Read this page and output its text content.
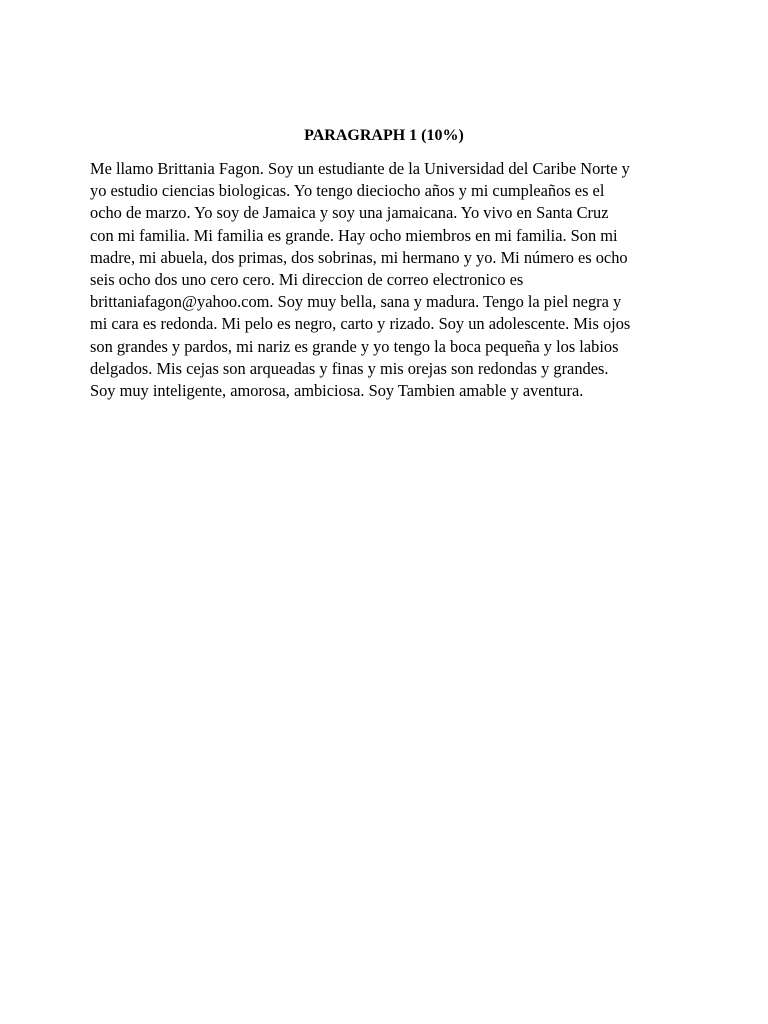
PARAGRAPH 1 (10%)

Me llamo Brittania Fagon. Soy un estudiante de la Universidad del Caribe Norte y
yo estudio ciencias biologicas. Yo tengo dieciocho años y mi cumpleaños es el
ocho de marzo. Yo soy de Jamaica y soy una jamaicana. Yo vivo en Santa Cruz
con mi familia. Mi familia es grande. Hay ocho miembros en mi familia. Son mi
madre, mi abuela, dos primas, dos sobrinas, mi hermano y yo. Mi número es ocho
seis ocho dos uno cero cero. Mi direccion de correo electronico es
brittaniafagon@yahoo.com. Soy muy bella, sana y madura. Tengo la piel negra y
mi cara es redonda. Mi pelo es negro, carto y rizado. Soy un adolescente. Mis ojos
son grandes y pardos, mi nariz es grande y yo tengo la boca pequeña y los labios
delgados. Mis cejas son arqueadas y finas y mis orejas son redondas y grandes.
Soy muy inteligente, amorosa, ambiciosa. Soy Tambien amable y aventura.
